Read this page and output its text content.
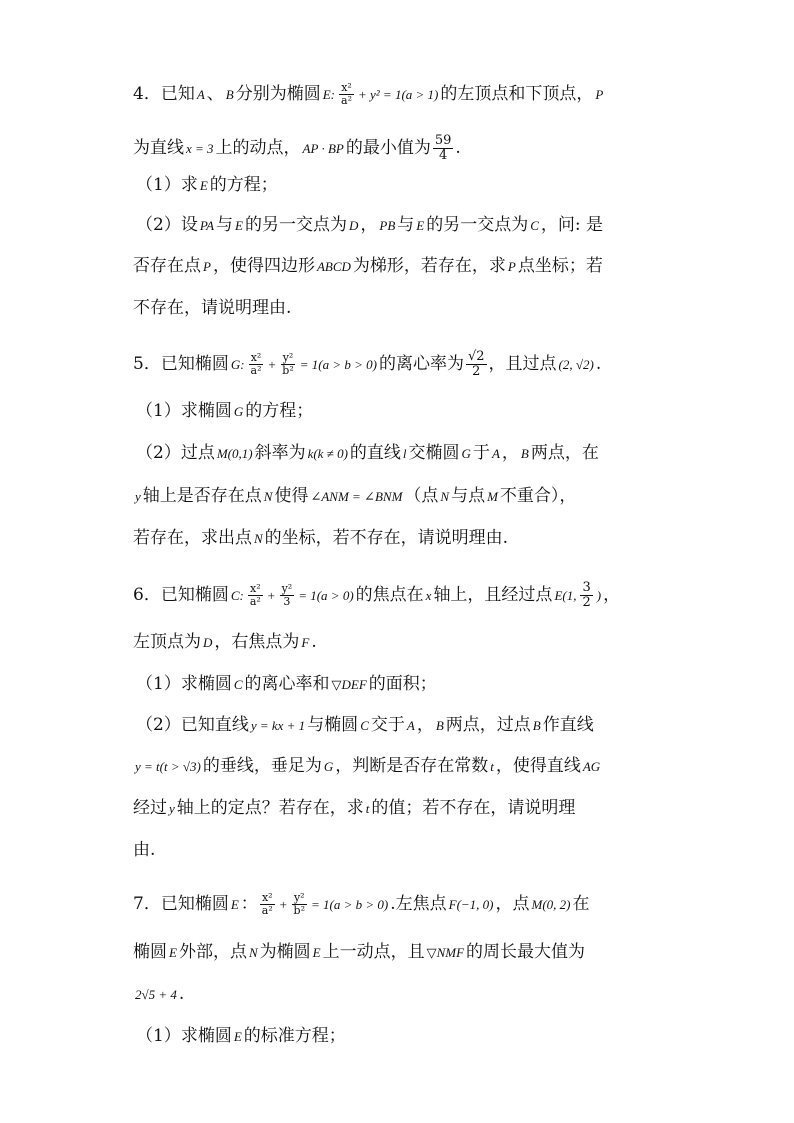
4．已知 A 、 B 分别为椭圆 E: $\frac{\text{x²}}{\text{a²}} + y^2 = 1(a > 1)$ 的左顶点和下顶点， P
为直线 x = 3 上的动点， AP · BP 的最小值为 $\frac{59}{4}$ .
（1）求 E 的方程；
（2）设 PA 与 E 的另一交点为 D ， PB 与 E 的另一交点为 C ，问: 是
否存在点 P ，使得四边形 ABCD 为梯形，若存在，求 P 点坐标；若
不存在，请说明理由.
5．已知椭圆 G: $\frac{\text{x²}}{\text{a²}} + \frac{\text{y²}}{\text{b²}} = 1(a > b > 0)$ 的离心率为 $\frac{√2}{2}$ ，且过点 (2, √2) .
（1）求椭圆 G 的方程；
（2）过点 M(0,1) 斜率为 k(k ≠ 0) 的直线 l 交椭圆 G 于 A ， B 两点，在
y 轴上是否存在点 N 使得 ∠ANM = ∠BNM （点 N 与点 M 不重合），
若存在，求出点 N 的坐标，若不存在，请说明理由.
6．已知椭圆 C: $\frac{\text{x²}}{\text{a²}} + \frac{\text{y²}}{3} = 1(a > 0)$ 的焦点在 x 轴上，且经过点 E(1, $\frac{3}{2}$ ) ，
左顶点为 D ，右焦点为 F .
（1）求椭圆 C 的离心率和 ▽DEF 的面积；
（2）已知直线 y = kx + 1 与椭圆 C 交于 A ， B 两点，过点 B 作直线
y = t(t > √3) 的垂线，垂足为 G ，判断是否存在常数 t ，使得直线 AG
经过 y 轴上的定点？若存在，求 t 的值；若不存在，请说明理
由.
7．已知椭圆 E ： $\frac{\text{x²}}{\text{a²}} + \frac{\text{y²}}{\text{b²}} = 1(a > b > 0)$ .左焦点 F(−1, 0) ，点 M(0, 2) 在
椭圆 E 外部，点 N 为椭圆 E 上一动点，且 ▽NMF 的周长最大值为
2√5 + 4 .
（1）求椭圆 E 的标准方程；
